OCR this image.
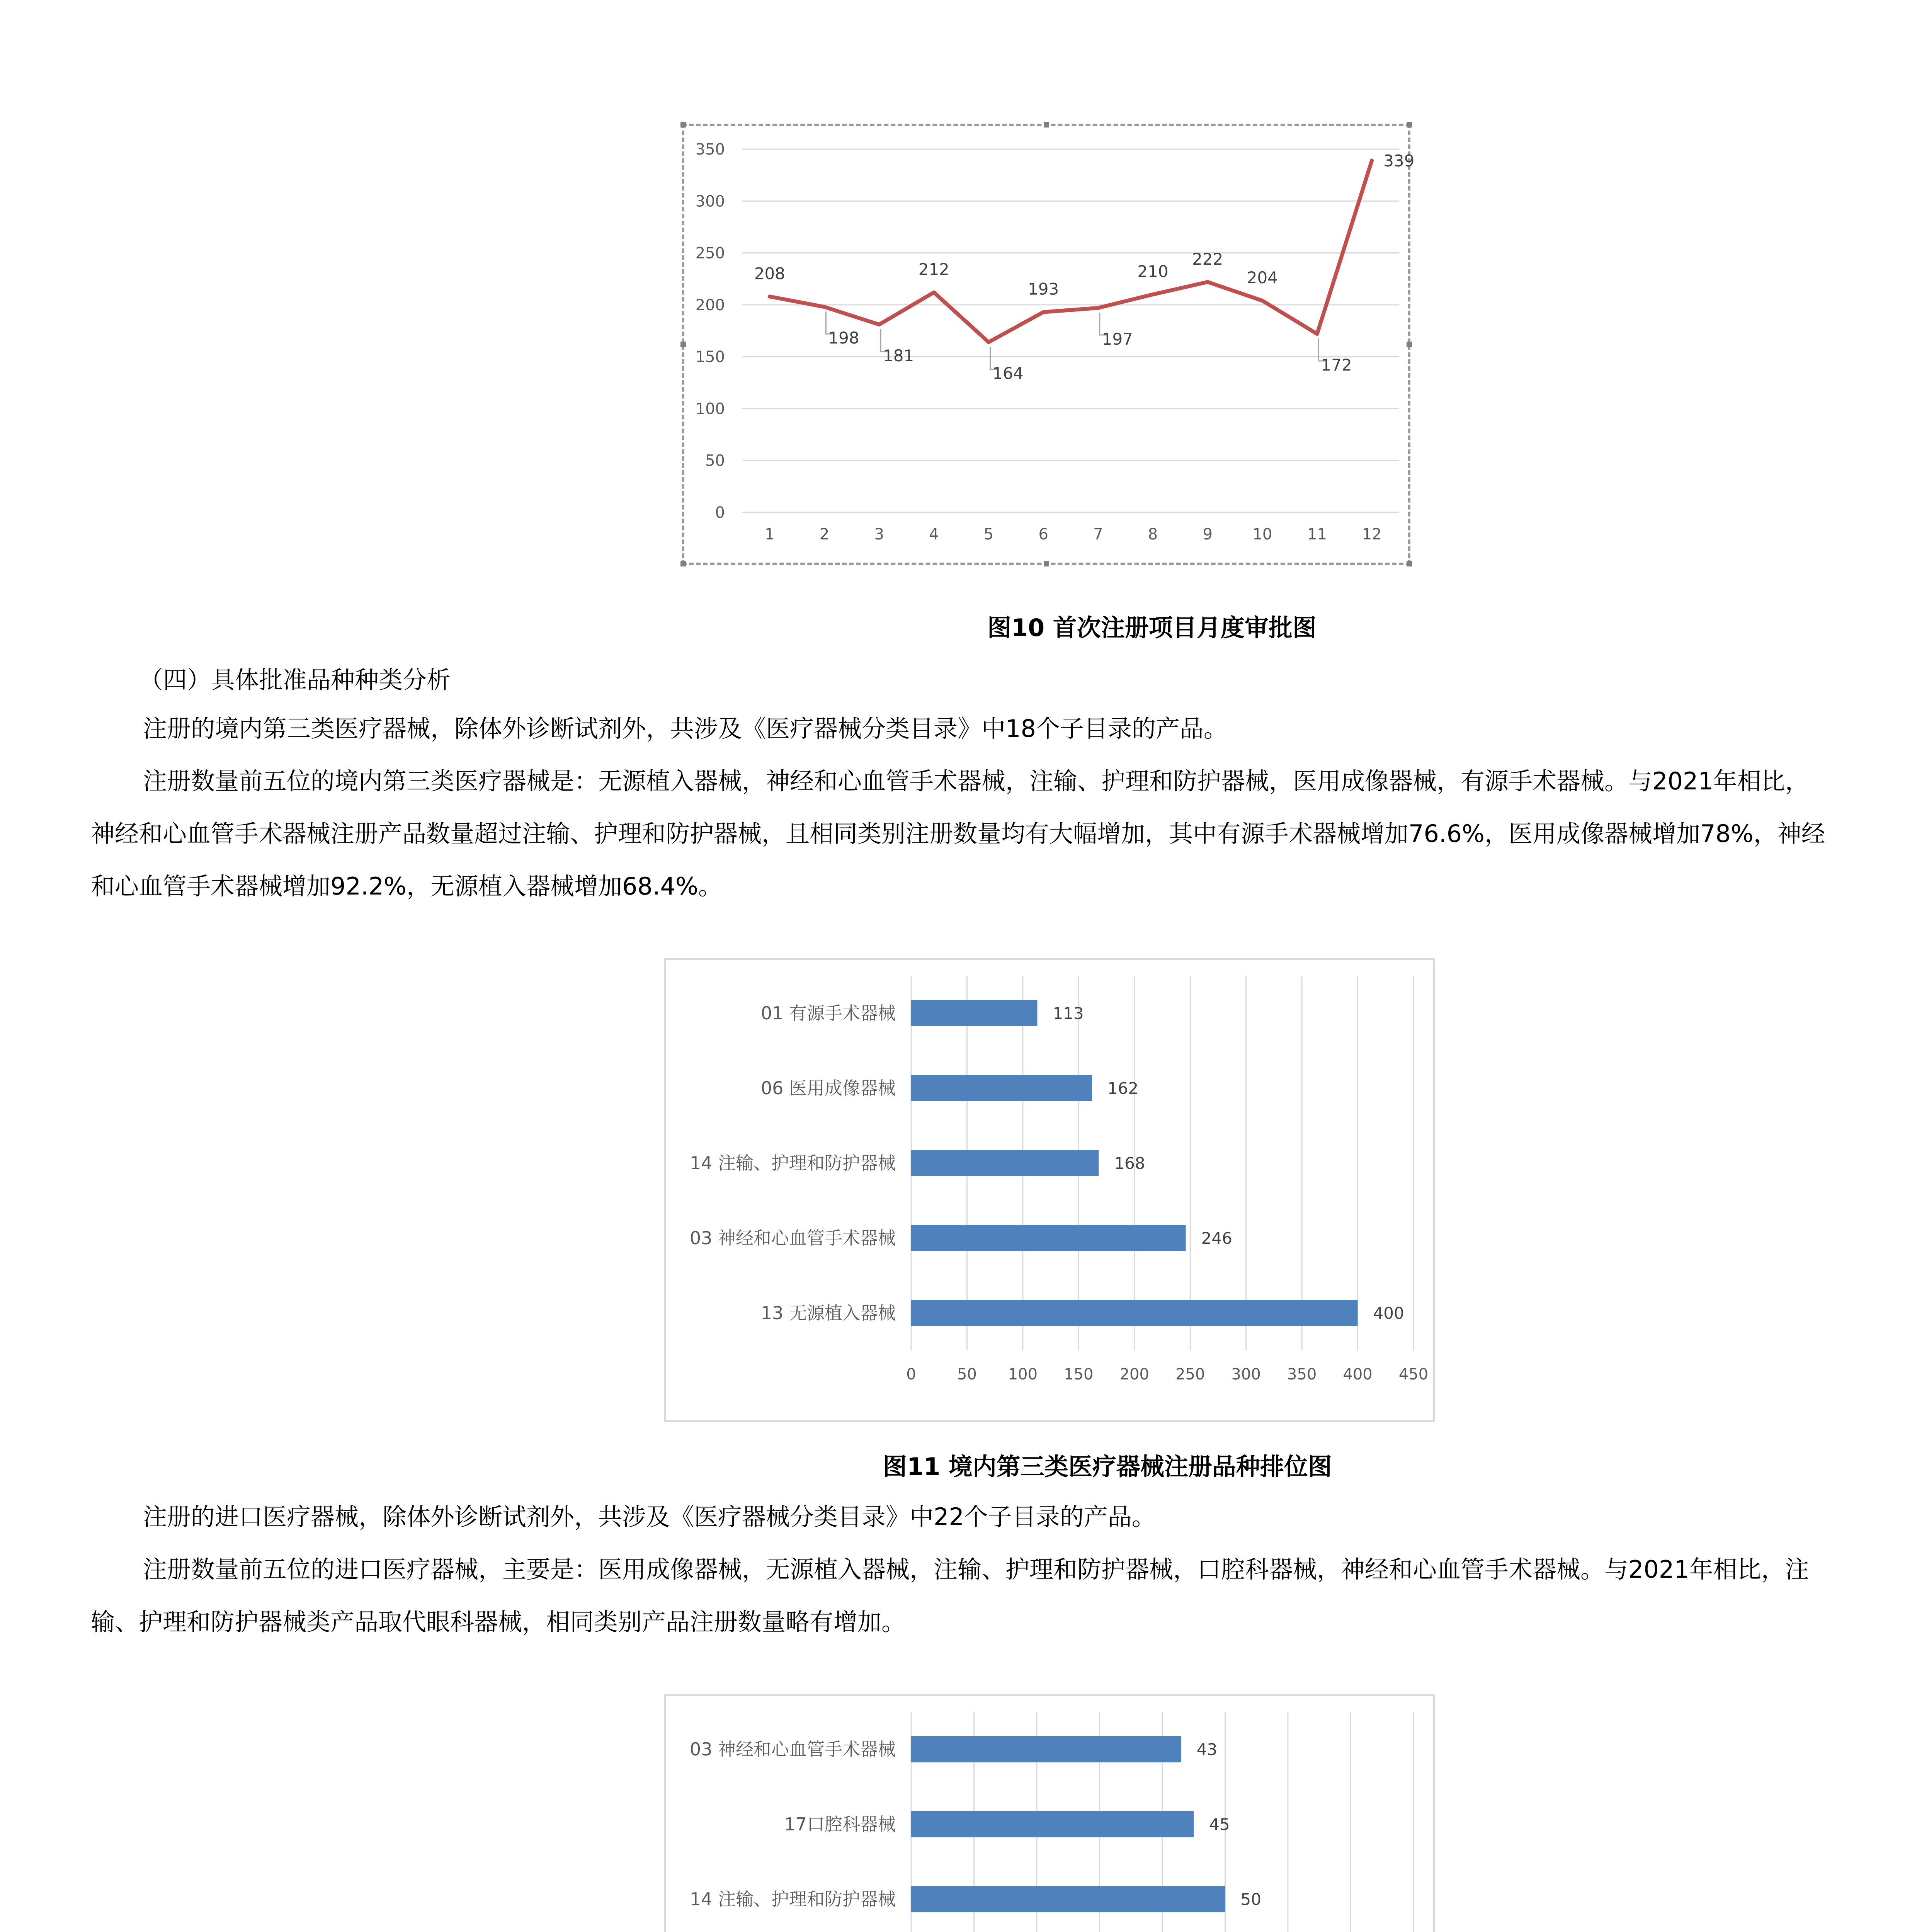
0
50
100
150
200
250
300
350
1	2	3	4	5	6	7	8	9	10 11 12
208
198
181
212
164
193
197
210
222
204
172
339
图10 首次注册项目月度审批图
（四）具体批准品种种类分析

注册的境内第三类医疗器械，除体外诊断试剂外，共涉及《医疗器械分类目录》中18个子目录的产品。

注册数量前五位的境内第三类医疗器械是：无源植入器械，神经和心血管手术器械，注输、护理和防护器械，医用成像器械，有源手术器械。与2021年相比，神经和心血管手术器械注册产品数量超过注输、护理和防护器械，且相同类别注册数量均有大幅增加，其中有源手术器械增加76.6%，医用成像器械增加78%，神经和心血管手术器械增加92.2%，无源植入器械增加68.4%。

0	50 100 150 200 250 300 350 400 450
01 有源手术器械	113
06 医用成像器械	162
14 注输、护理和防护器械	168
03 神经和心血管手术器械	246
13 无源植入器械	400
图11 境内第三类医疗器械注册品种排位图

注册的进口医疗器械，除体外诊断试剂外，共涉及《医疗器械分类目录》中22个子目录的产品。

注册数量前五位的进口医疗器械，主要是：医用成像器械，无源植入器械，注输、护理和防护器械，口腔科器械，神经和心血管手术器械。与2021年相比，注输、护理和防护器械类产品取代眼科器械，相同类别产品注册数量略有增加。

03 神经和心血管手术器械	43
17口腔科器械	45
14 注输、护理和防护器械	50
